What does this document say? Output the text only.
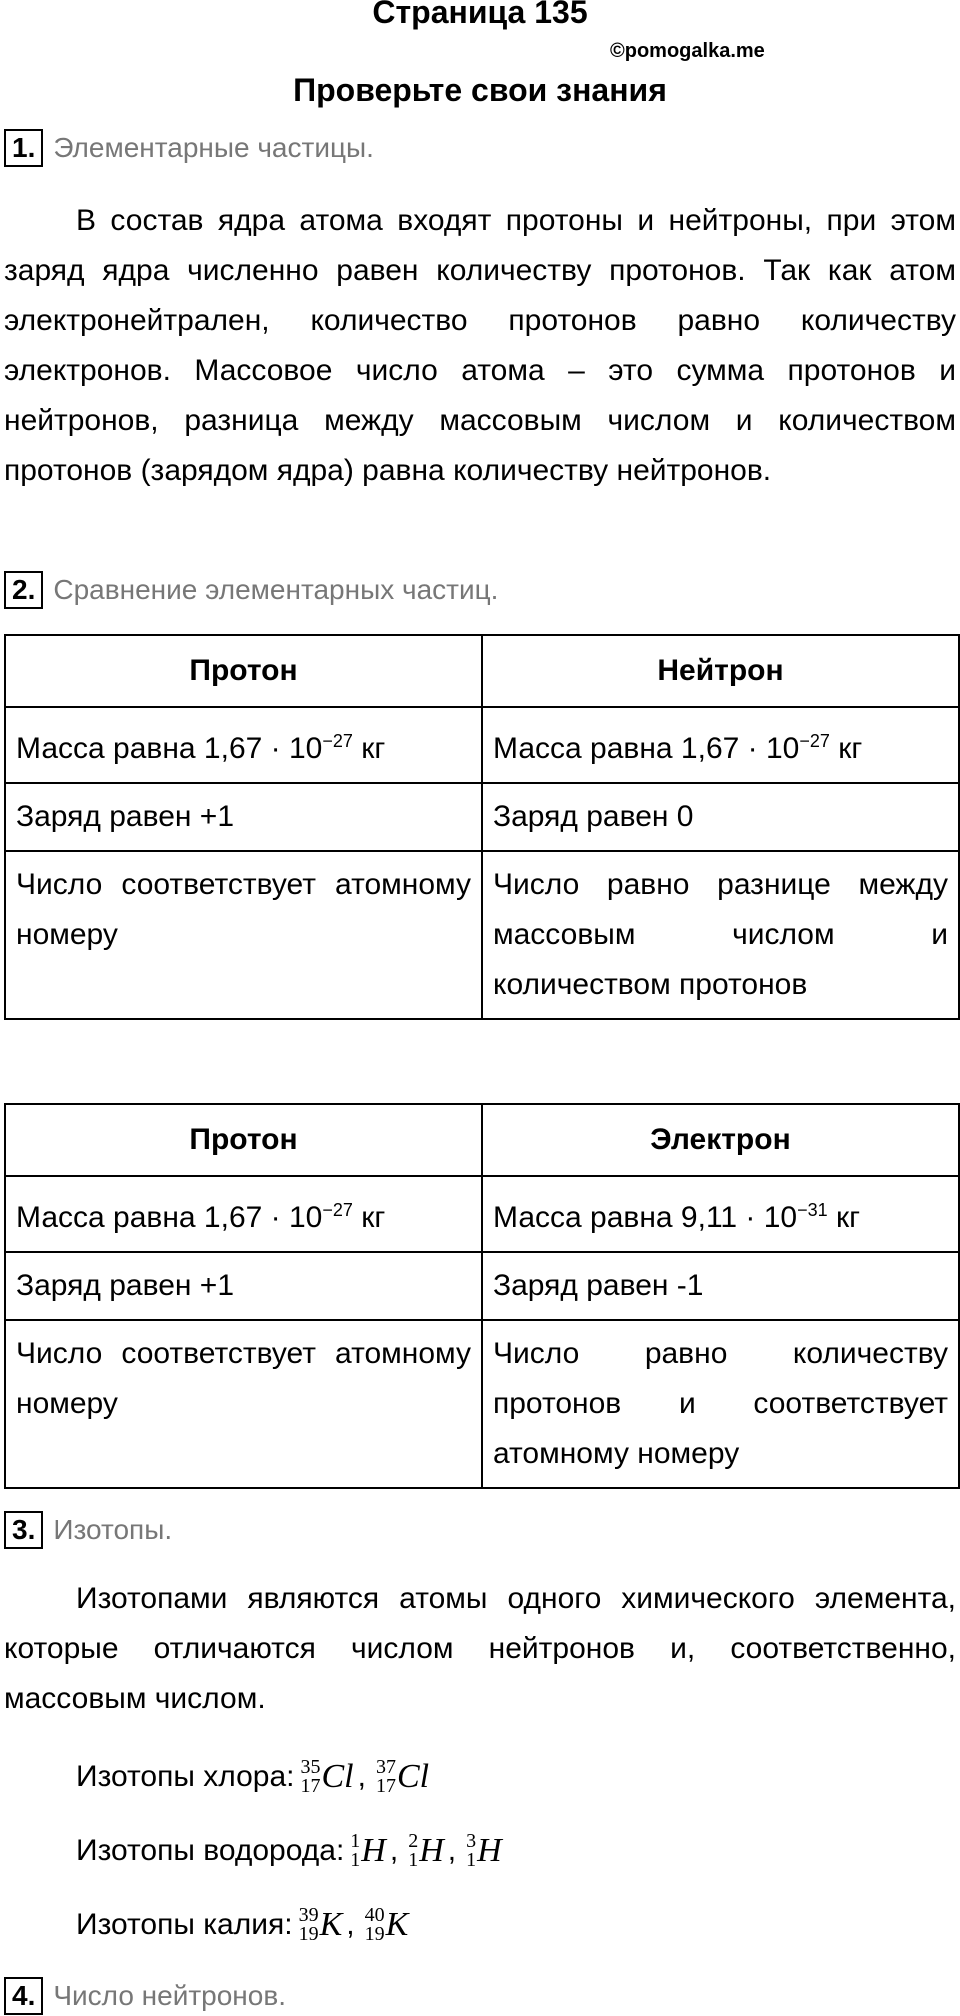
Страница 135
©pomogalka.me
Проверьте свои знания
1. Элементарные частицы.
В состав ядра атома входят протоны и нейтроны, при этом заряд ядра численно равен количеству протонов. Так как атом электронейтрален, количество протонов равно количеству электронов. Массовое число атома – это сумма протонов и нейтронов, разница между массовым числом и количеством протонов (зарядом ядра) равна количеству нейтронов.
2. Сравнение элементарных частиц.
Протон	Нейтрон
Масса равна $1,67 \cdot 10^{-27}$ кг	Масса равна $1,67 \cdot 10^{-27}$ кг
Заряд равен +1	Заряд равен 0
Число соответствует атомному номеру	Число равно разнице между массовым числом и количеством протонов
Протон	Электрон
Масса равна $1,67 \cdot 10^{-27}$ кг	Масса равна $9,11 \cdot 10^{-31}$ кг
Заряд равен +1	Заряд равен -1
Число соответствует атомному номеру	Число равно количеству протонов и соответствует атомному номеру
3. Изотопы.
Изотопами являются атомы одного химического элемента, которые отличаются числом нейтронов и, соответственно, массовым числом.
Изотопы хлора: 35
17 Cl , 37
17 Cl
Изотопы водорода: 1
1 H , 2
1 H , 3
1 H
Изотопы калия: 39
19 K , 40
19 K
4. Число нейтронов.
